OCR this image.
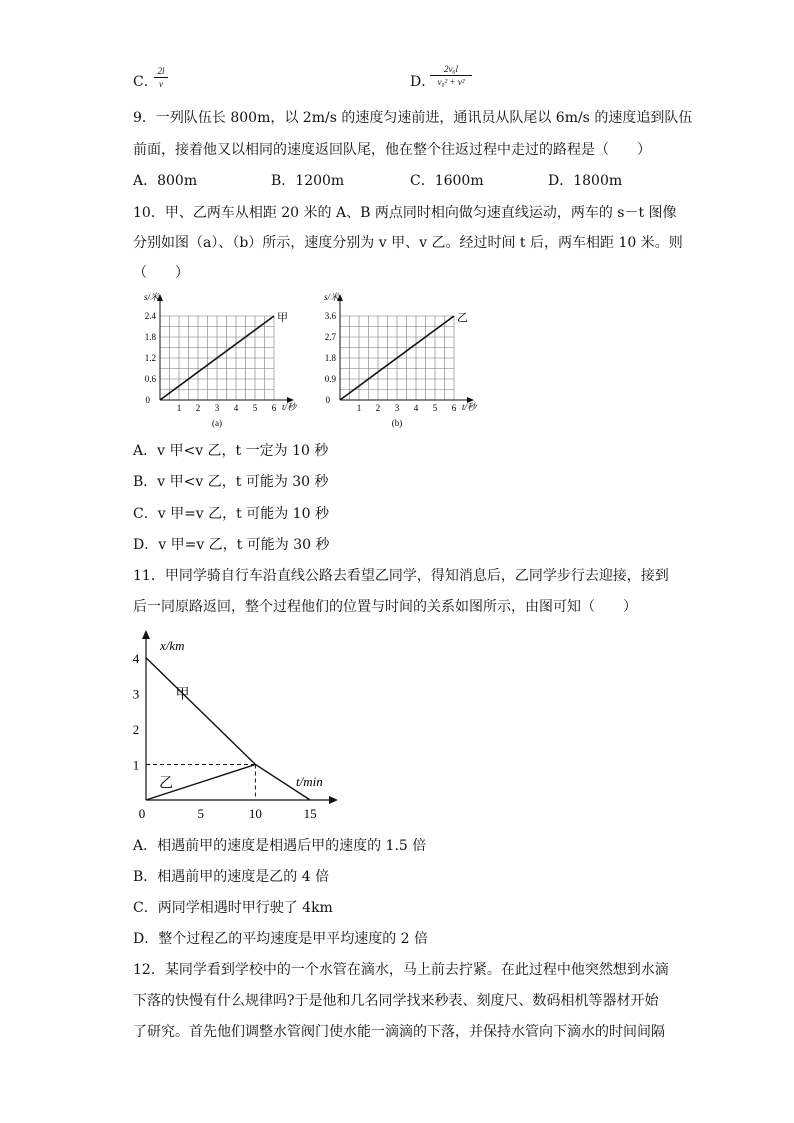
C．
2l
v	D．
2v₀l
v₀² + v²
9．一列队伍长 800m，以 2m/s 的速度匀速前进，通讯员从队尾以 6m/s 的速度追到队伍
前面，接着他又以相同的速度返回队尾，他在整个往返过程中走过的路程是（　　）
A．800m	B．1200m	C．1600m	D．1800m
10．甲、乙两车从相距 20 米的 A、B 两点同时相向做匀速直线运动，两车的 s－t 图像
分别如图（a）、（b）所示，速度分别为 v 甲、v 乙。经过时间 t 后，两车相距 10 米。则
（　　）
1 2 3 4 5 6
0.6
1.2
1.8
2.4
0
t/秒
s/米
(a)
甲
1 2 3 4 5 6
0.9
1.8
2.7
3.6
0
t/秒
s/米
(b)
乙
A．v 甲<v 乙，t 一定为 10 秒
B．v 甲<v 乙，t 可能为 30 秒
C．v 甲=v 乙，t 可能为 10 秒
D．v 甲=v 乙，t 可能为 30 秒
11．甲同学骑自行车沿直线公路去看望乙同学，得知消息后，乙同学步行去迎接，接到
后一同原路返回，整个过程他们的位置与时间的关系如图所示，由图可知（　　）
5	10	15
1
2
3
4
0
x/km
t/min
甲
乙
A．相遇前甲的速度是相遇后甲的速度的 1.5 倍
B．相遇前甲的速度是乙的 4 倍
C．两同学相遇时甲行驶了 4km
D．整个过程乙的平均速度是甲平均速度的 2 倍
12．某同学看到学校中的一个水管在滴水，马上前去拧紧。在此过程中他突然想到水滴
下落的快慢有什么规律吗?于是他和几名同学找来秒表、刻度尺、数码相机等器材开始
了研究。首先他们调整水管阀门使水能一滴滴的下落，并保持水管向下滴水的时间间隔
